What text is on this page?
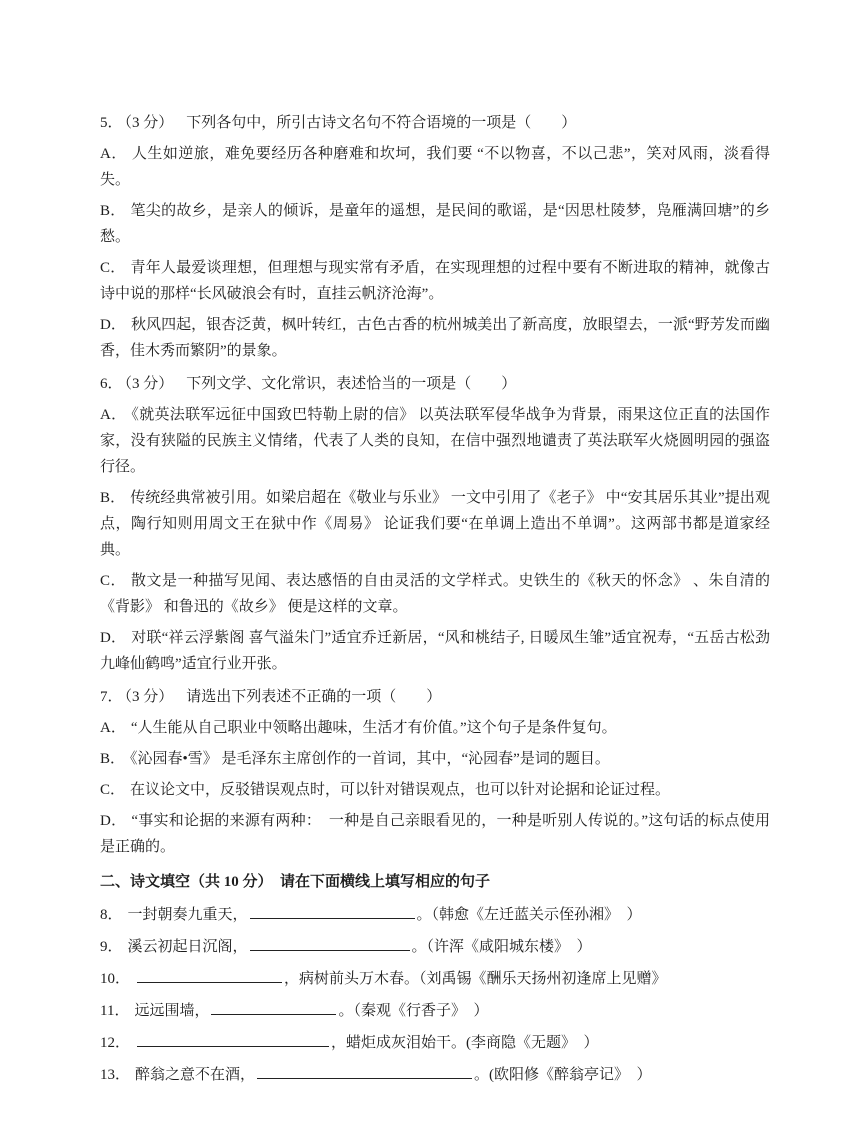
5． （3 分） 下列各句中，所引古诗文名句不符合语境的一项是（　　）

A． 人生如逆旅，难免要经历各种磨难和坎坷，我们要 “不以物喜，不以己悲”，笑对风雨，淡看得失。

B． 笔尖的故乡，是亲人的倾诉，是童年的遥想，是民间的歌谣，是“因思杜陵梦，凫雁满回塘”的乡愁。

C． 青年人最爱谈理想，但理想与现实常有矛盾，在实现理想的过程中要有不断进取的精神，就像古诗中说的那样“长风破浪会有时，直挂云帆济沧海”。

D． 秋风四起，银杏泛黄，枫叶转红，古色古香的杭州城美出了新高度，放眼望去，一派“野芳发而幽香，佳木秀而繁阴”的景象。

6． （3 分） 下列文学、文化常识，表述恰当的一项是（　　）

A． 《就英法联军远征中国致巴特勒上尉的信》 以英法联军侵华战争为背景，雨果这位正直的法国作家，没有狭隘的民族主义情绪，代表了人类的良知，在信中强烈地谴责了英法联军火烧圆明园的强盗行径。

B． 传统经典常被引用。如梁启超在《敬业与乐业》 一文中引用了《老子》 中“安其居乐其业”提出观点，陶行知则用周文王在狱中作《周易》 论证我们要“在单调上造出不单调”。这两部书都是道家经典。

C． 散文是一种描写见闻、表达感悟的自由灵活的文学样式。史铁生的《秋天的怀念》 、朱自清的《背影》 和鲁迅的《故乡》 便是这样的文章。

D． 对联“祥云浮紫阁 喜气溢朱门”适宜乔迁新居，“风和桃结子, 日暖凤生雏”适宜祝寿，“五岳古松劲九峰仙鹤鸣”适宜行业开张。

7． （3 分） 请选出下列表述不正确的一项（　　）

A． “人生能从自己职业中领略出趣味，生活才有价值。”这个句子是条件复句。

B． 《沁园春•雪》 是毛泽东主席创作的一首词，其中，“沁园春”是词的题目。

C． 在议论文中，反驳错误观点时，可以针对错误观点，也可以针对论据和论证过程。

D． “事实和论据的来源有两种：　一种是自己亲眼看见的，一种是听别人传说的。”这句话的标点使用是正确的。

二、诗文填空（共 10 分）　请在下面横线上填写相应的句子

8． 一封朝奏九重天，	。（韩愈《左迁蓝关示侄孙湘》　）

9． 溪云初起日沉阁，	。（许浑《咸阳城东楼》　）

10．	，病树前头万木春。（刘禹锡《酬乐天扬州初逢席上见赠》

11． 远远围墙，	。（秦观《行香子》　）

12．	，蜡炬成灰泪始干。(李商隐《无题》　）

13． 醉翁之意不在酒，	。(欧阳修《醉翁亭记》　）
